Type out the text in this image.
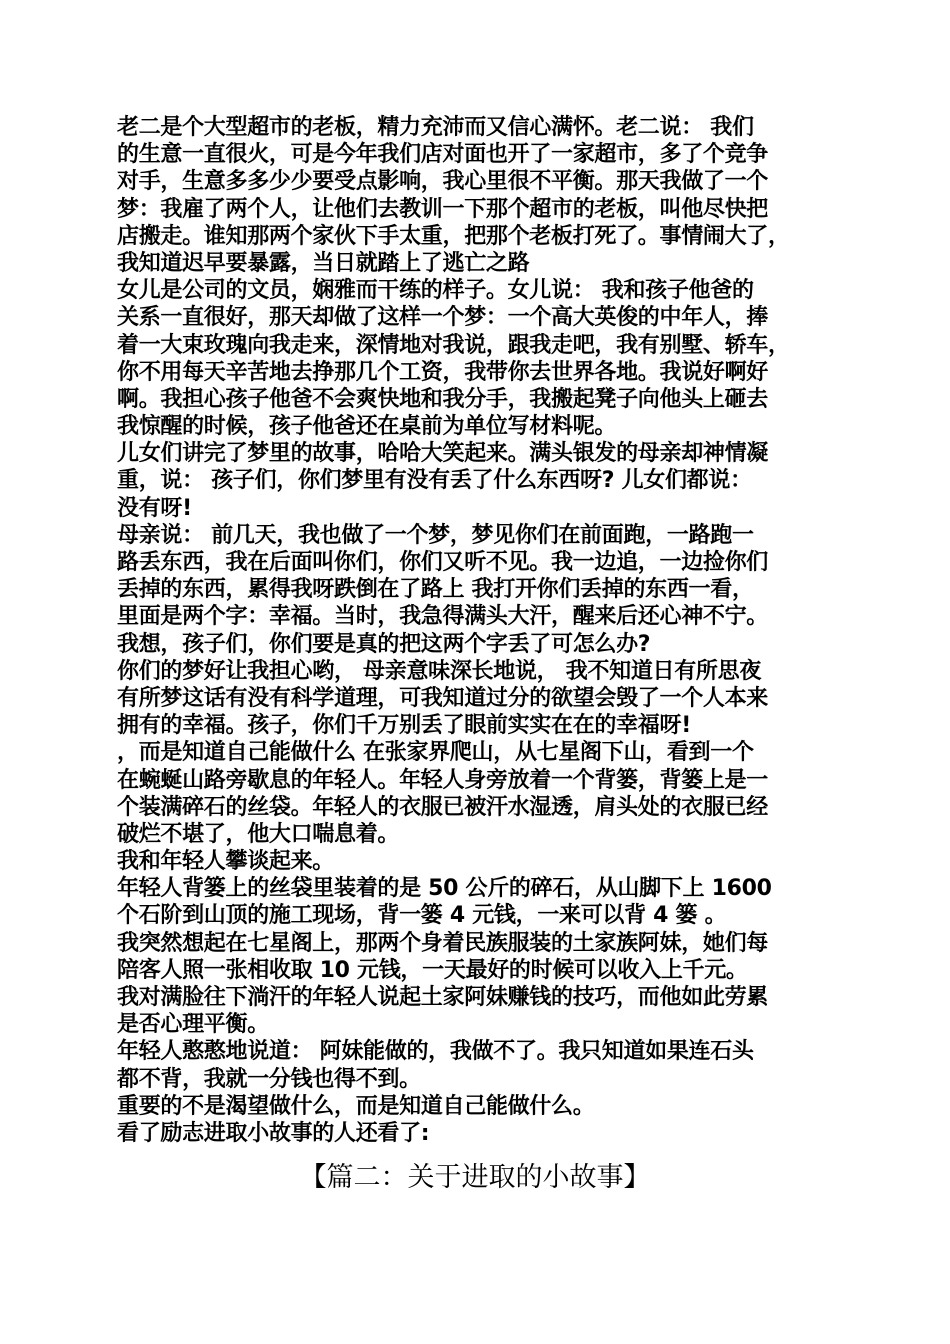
老二是个大型超市的老板，精力充沛而又信心满怀。老二说： 我们
的生意一直很火，可是今年我们店对面也开了一家超市，多了个竞争
对手，生意多多少少要受点影响，我心里很不平衡。那天我做了一个
梦：我雇了两个人，让他们去教训一下那个超市的老板，叫他尽快把
店搬走。谁知那两个家伙下手太重，把那个老板打死了。事情闹大了，
我知道迟早要暴露，当日就踏上了逃亡之路
女儿是公司的文员，娴雅而干练的样子。女儿说： 我和孩子他爸的
关系一直很好，那天却做了这样一个梦：一个高大英俊的中年人，捧
着一大束玫瑰向我走来，深情地对我说，跟我走吧，我有别墅、轿车，
你不用每天辛苦地去挣那几个工资，我带你去世界各地。我说好啊好
啊。我担心孩子他爸不会爽快地和我分手，我搬起凳子向他头上砸去
我惊醒的时候，孩子他爸还在桌前为单位写材料呢。
儿女们讲完了梦里的故事，哈哈大笑起来。满头银发的母亲却神情凝
重，说： 孩子们，你们梦里有没有丢了什么东西呀? 儿女们都说：
没有呀!
母亲说： 前几天，我也做了一个梦，梦见你们在前面跑，一路跑一
路丢东西，我在后面叫你们，你们又听不见。我一边追，一边捡你们
丢掉的东西，累得我呀跌倒在了路上 我打开你们丢掉的东西一看，
里面是两个字：幸福。当时，我急得满头大汗，醒来后还心神不宁。
我想，孩子们，你们要是真的把这两个字丢了可怎么办?
你们的梦好让我担心哟， 母亲意味深长地说， 我不知道日有所思夜
有所梦这话有没有科学道理，可我知道过分的欲望会毁了一个人本来
拥有的幸福。孩子，你们千万别丢了眼前实实在在的幸福呀!
，而是知道自己能做什么 在张家界爬山，从七星阁下山，看到一个
在蜿蜒山路旁歇息的年轻人。年轻人身旁放着一个背篓，背篓上是一
个装满碎石的丝袋。年轻人的衣服已被汗水湿透，肩头处的衣服已经
破烂不堪了，他大口喘息着。
我和年轻人攀谈起来。
年轻人背篓上的丝袋里装着的是 50 公斤的碎石，从山脚下上 1600
个石阶到山顶的施工现场，背一篓 4 元钱，一来可以背 4 篓 。
我突然想起在七星阁上，那两个身着民族服装的土家族阿妹，她们每
陪客人照一张相收取 10 元钱，一天最好的时候可以收入上千元。
我对满脸往下淌汗的年轻人说起土家阿妹赚钱的技巧，而他如此劳累
是否心理平衡。
年轻人憨憨地说道： 阿妹能做的，我做不了。我只知道如果连石头
都不背，我就一分钱也得不到。
重要的不是渴望做什么，而是知道自己能做什么。
看了励志进取小故事的人还看了:
【篇二：关于进取的小故事】
